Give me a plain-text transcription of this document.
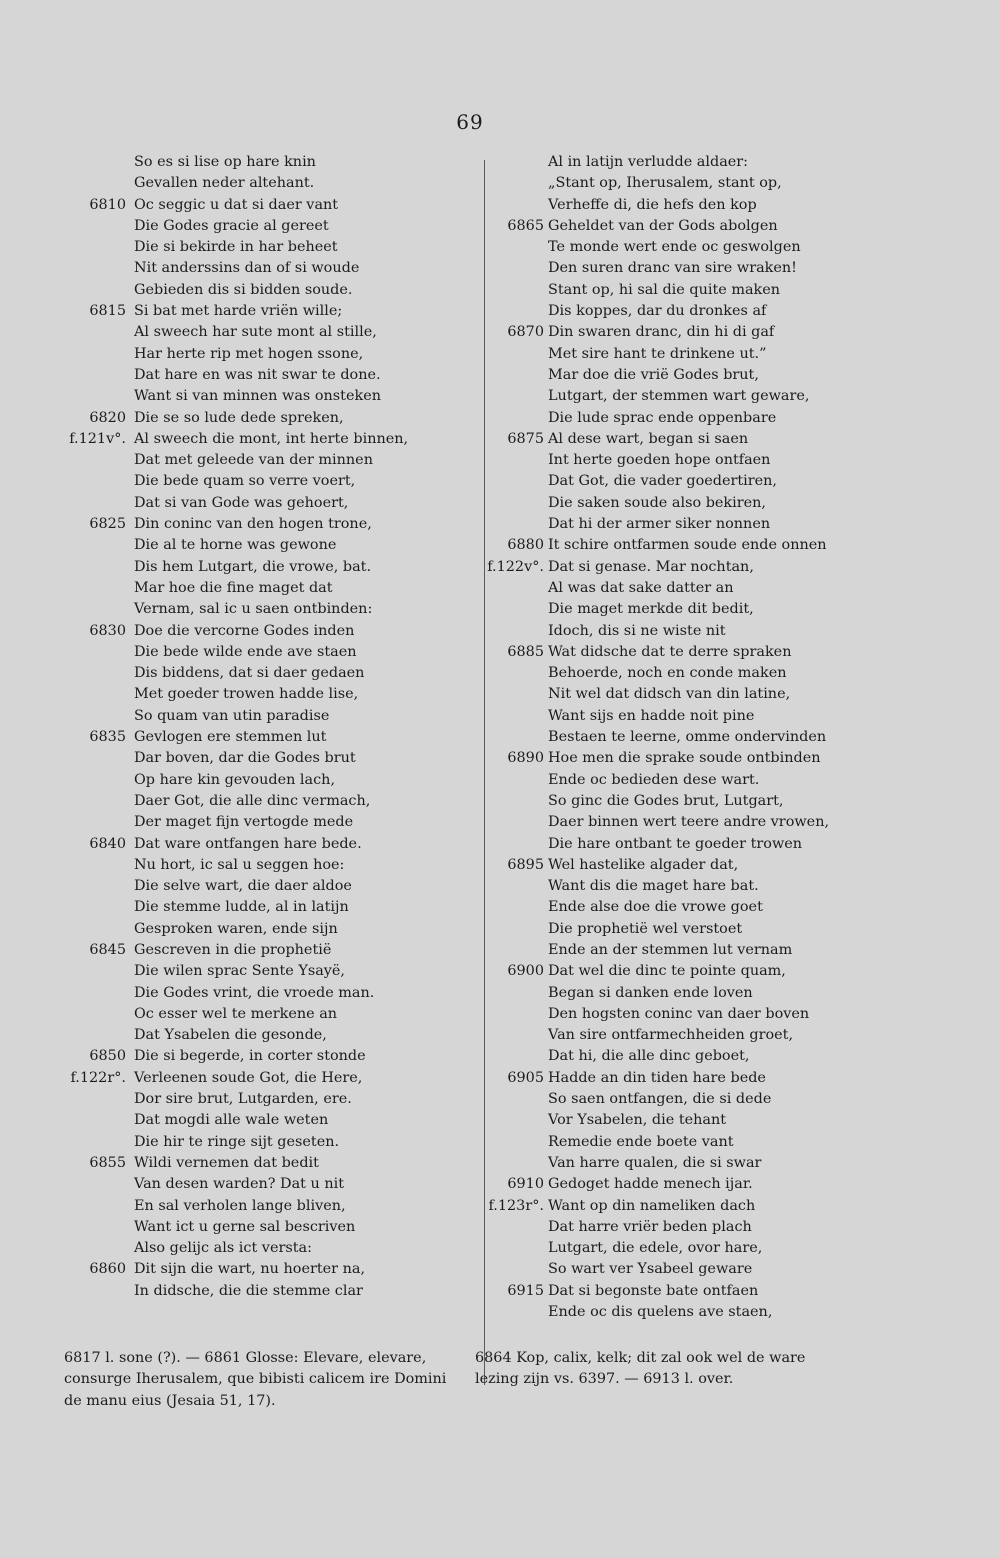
69
So es si lise op hare knin
Gevallen neder altehant.
6810 Oc seggic u dat si daer vant
Die Godes gracie al gereet
Die si bekirde in har beheet
Nit anderssins dan of si woude
Gebieden dis si bidden soude.
6815 Si bat met harde vriën wille;
Al sweech har sute mont al stille,
Har herte rip met hogen ssone,
Dat hare en was nit swar te done.
Want si van minnen was onsteken
6820 Die se so lude dede spreken,
f.121v°. Al sweech die mont, int herte binnen,
Dat met geleede van der minnen
Die bede quam so verre voert,
Dat si van Gode was gehoert,
6825 Din coninc van den hogen trone,
Die al te horne was gewone
Dis hem Lutgart, die vrowe, bat.
Mar hoe die fine maget dat
Vernam, sal ic u saen ontbinden:
6830 Doe die vercorne Godes inden
Die bede wilde ende ave staen
Dis biddens, dat si daer gedaen
Met goeder trowen hadde lise,
So quam van utin paradise
6835 Gevlogen ere stemmen lut
Dar boven, dar die Godes brut
Op hare kin gevouden lach,
Daer Got, die alle dinc vermach,
Der maget fijn vertogde mede
6840 Dat ware ontfangen hare bede.
Nu hort, ic sal u seggen hoe:
Die selve wart, die daer aldoe
Die stemme ludde, al in latijn
Gesproken waren, ende sijn
6845 Gescreven in die prophetië
Die wilen sprac Sente Ysayë,
Die Godes vrint, die vroede man.
Oc esser wel te merkene an
Dat Ysabelen die gesonde,
6850 Die si begerde, in corter stonde
f.122r°. Verleenen soude Got, die Here,
Dor sire brut, Lutgarden, ere.
Dat mogdi alle wale weten
Die hir te ringe sijt geseten.
6855 Wildi vernemen dat bedit
Van desen warden? Dat u nit
En sal verholen lange bliven,
Want ict u gerne sal bescriven
Also gelijc als ict versta:
6860 Dit sijn die wart, nu hoerter na,
In didsche, die die stemme clar
Al in latijn verludde aldaer:
„Stant op, Iherusalem, stant op,
Verheffe di, die hefs den kop
6865 Geheldet van der Gods abolgen
Te monde wert ende oc geswolgen
Den suren dranc van sire wraken!
Stant op, hi sal die quite maken
Dis koppes, dar du dronkes af
6870 Din swaren dranc, din hi di gaf
Met sire hant te drinkene ut.”
Mar doe die vrië Godes brut,
Lutgart, der stemmen wart geware,
Die lude sprac ende oppenbare
6875 Al dese wart, began si saen
Int herte goeden hope ontfaen
Dat Got, die vader goedertiren,
Die saken soude also bekiren,
Dat hi der armer siker nonnen
6880 It schire ontfarmen soude ende onnen
f.122v°. Dat si genase. Mar nochtan,
Al was dat sake datter an
Die maget merkde dit bedit,
Idoch, dis si ne wiste nit
6885 Wat didsche dat te derre spraken
Behoerde, noch en conde maken
Nit wel dat didsch van din latine,
Want sijs en hadde noit pine
Bestaen te leerne, omme ondervinden
6890 Hoe men die sprake soude ontbinden
Ende oc bedieden dese wart.
So ginc die Godes brut, Lutgart,
Daer binnen wert teere andre vrowen,
Die hare ontbant te goeder trowen
6895 Wel hastelike algader dat,
Want dis die maget hare bat.
Ende alse doe die vrowe goet
Die prophetië wel verstoet
Ende an der stemmen lut vernam
6900 Dat wel die dinc te pointe quam,
Began si danken ende loven
Den hogsten coninc van daer boven
Van sire ontfarmechheiden groet,
Dat hi, die alle dinc geboet,
6905 Hadde an din tiden hare bede
So saen ontfangen, die si dede
Vor Ysabelen, die tehant
Remedie ende boete vant
Van harre qualen, die si swar
6910 Gedoget hadde menech ijar.
f.123r°. Want op din nameliken dach
Dat harre vriër beden plach
Lutgart, die edele, ovor hare,
So wart ver Ysabeel geware
6915 Dat si begonste bate ontfaen
Ende oc dis quelens ave staen,
6817 l. sone (?). — 6861 Glosse: Elevare, elevare,
consurge Iherusalem, que bibisti calicem ire Domini
de manu eius (Jesaia 51, 17).
6864 Kop, calix, kelk; dit zal ook wel de ware
lezing zijn vs. 6397. — 6913 l. over.
